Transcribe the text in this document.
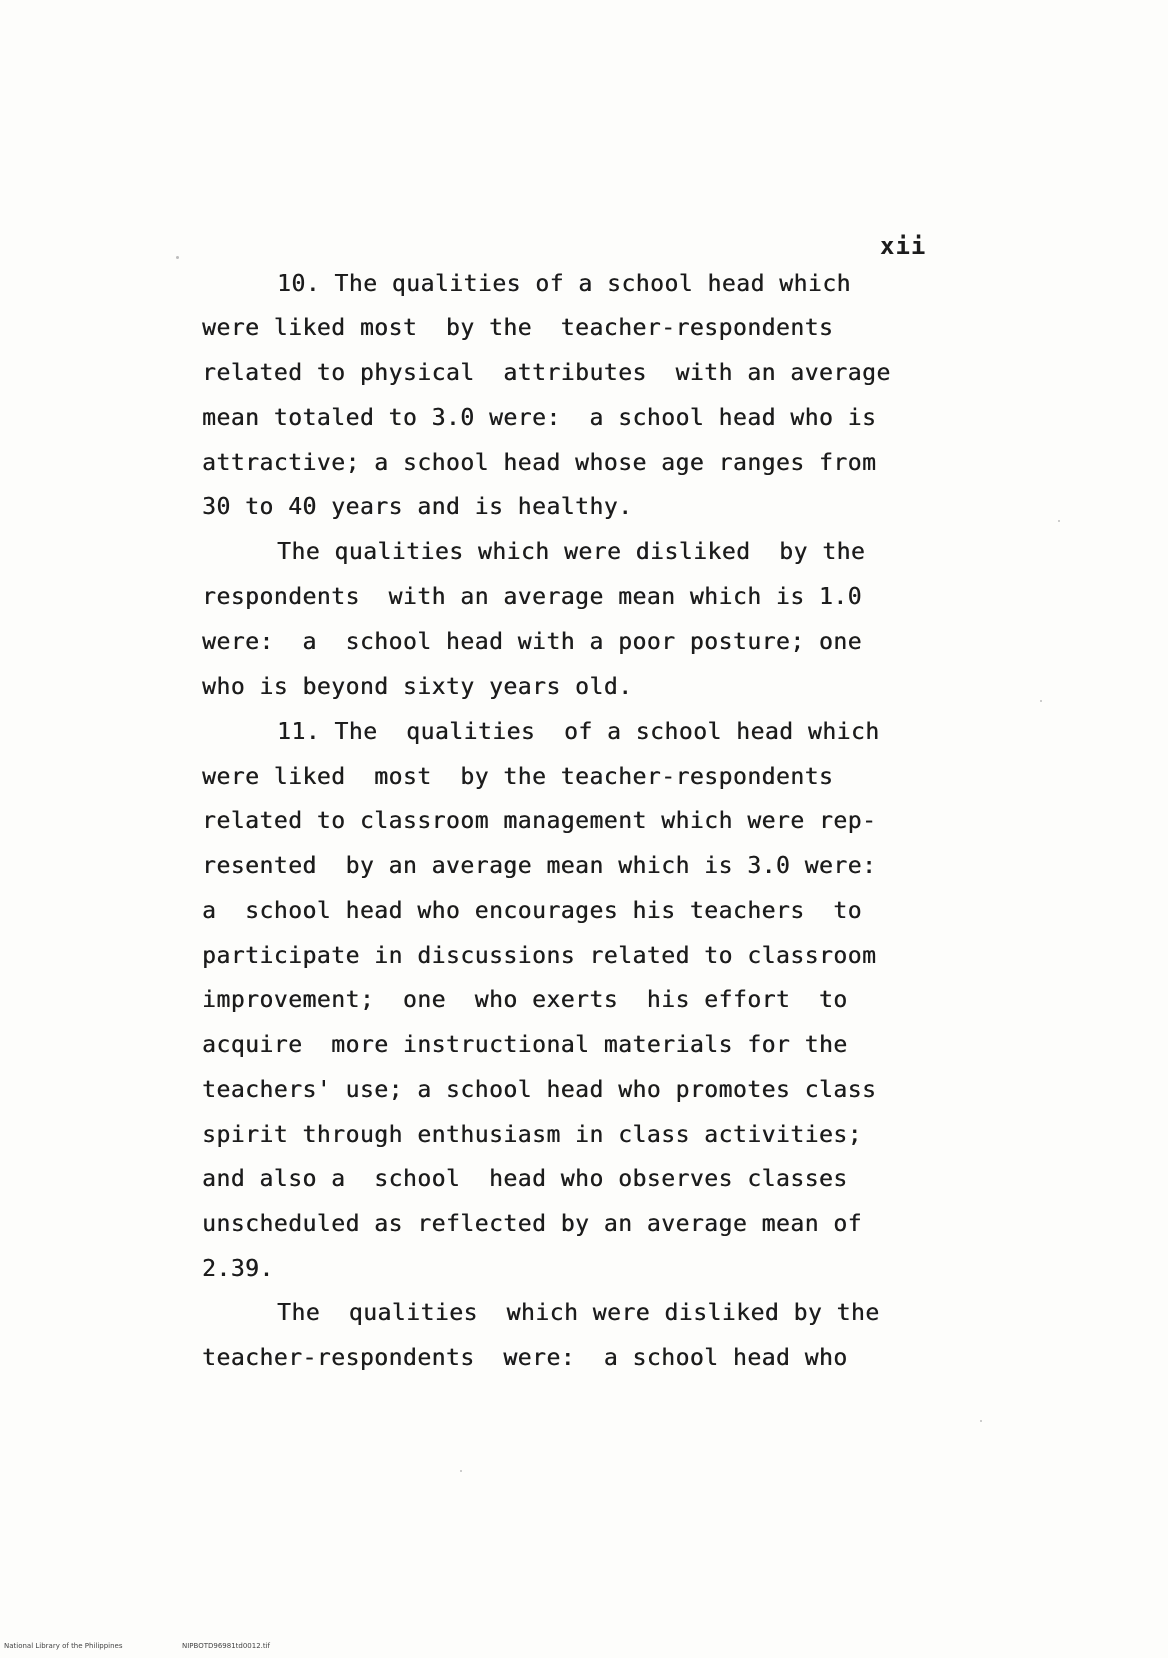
xii
10. The qualities of a school head which
were liked most  by the  teacher-respondents
related to physical  attributes  with an average
mean totaled to 3.0 were:  a school head who is
attractive; a school head whose age ranges from
30 to 40 years and is healthy.
The qualities which were disliked  by the
respondents  with an average mean which is 1.0
were:  a  school head with a poor posture; one
who is beyond sixty years old.
11. The  qualities  of a school head which
were liked  most  by the teacher-respondents
related to classroom management which were rep-
resented  by an average mean which is 3.0 were:
a  school head who encourages his teachers  to
participate in discussions related to classroom
improvement;  one  who exerts  his effort  to
acquire  more instructional materials for the
teachers' use; a school head who promotes class
spirit through enthusiasm in class activities;
and also a  school  head who observes classes
unscheduled as reflected by an average mean of
2.39.
The  qualities  which were disliked by the
teacher-respondents  were:  a school head who
National Library of the Philippines	NIPBOTD96981td0012.tif
